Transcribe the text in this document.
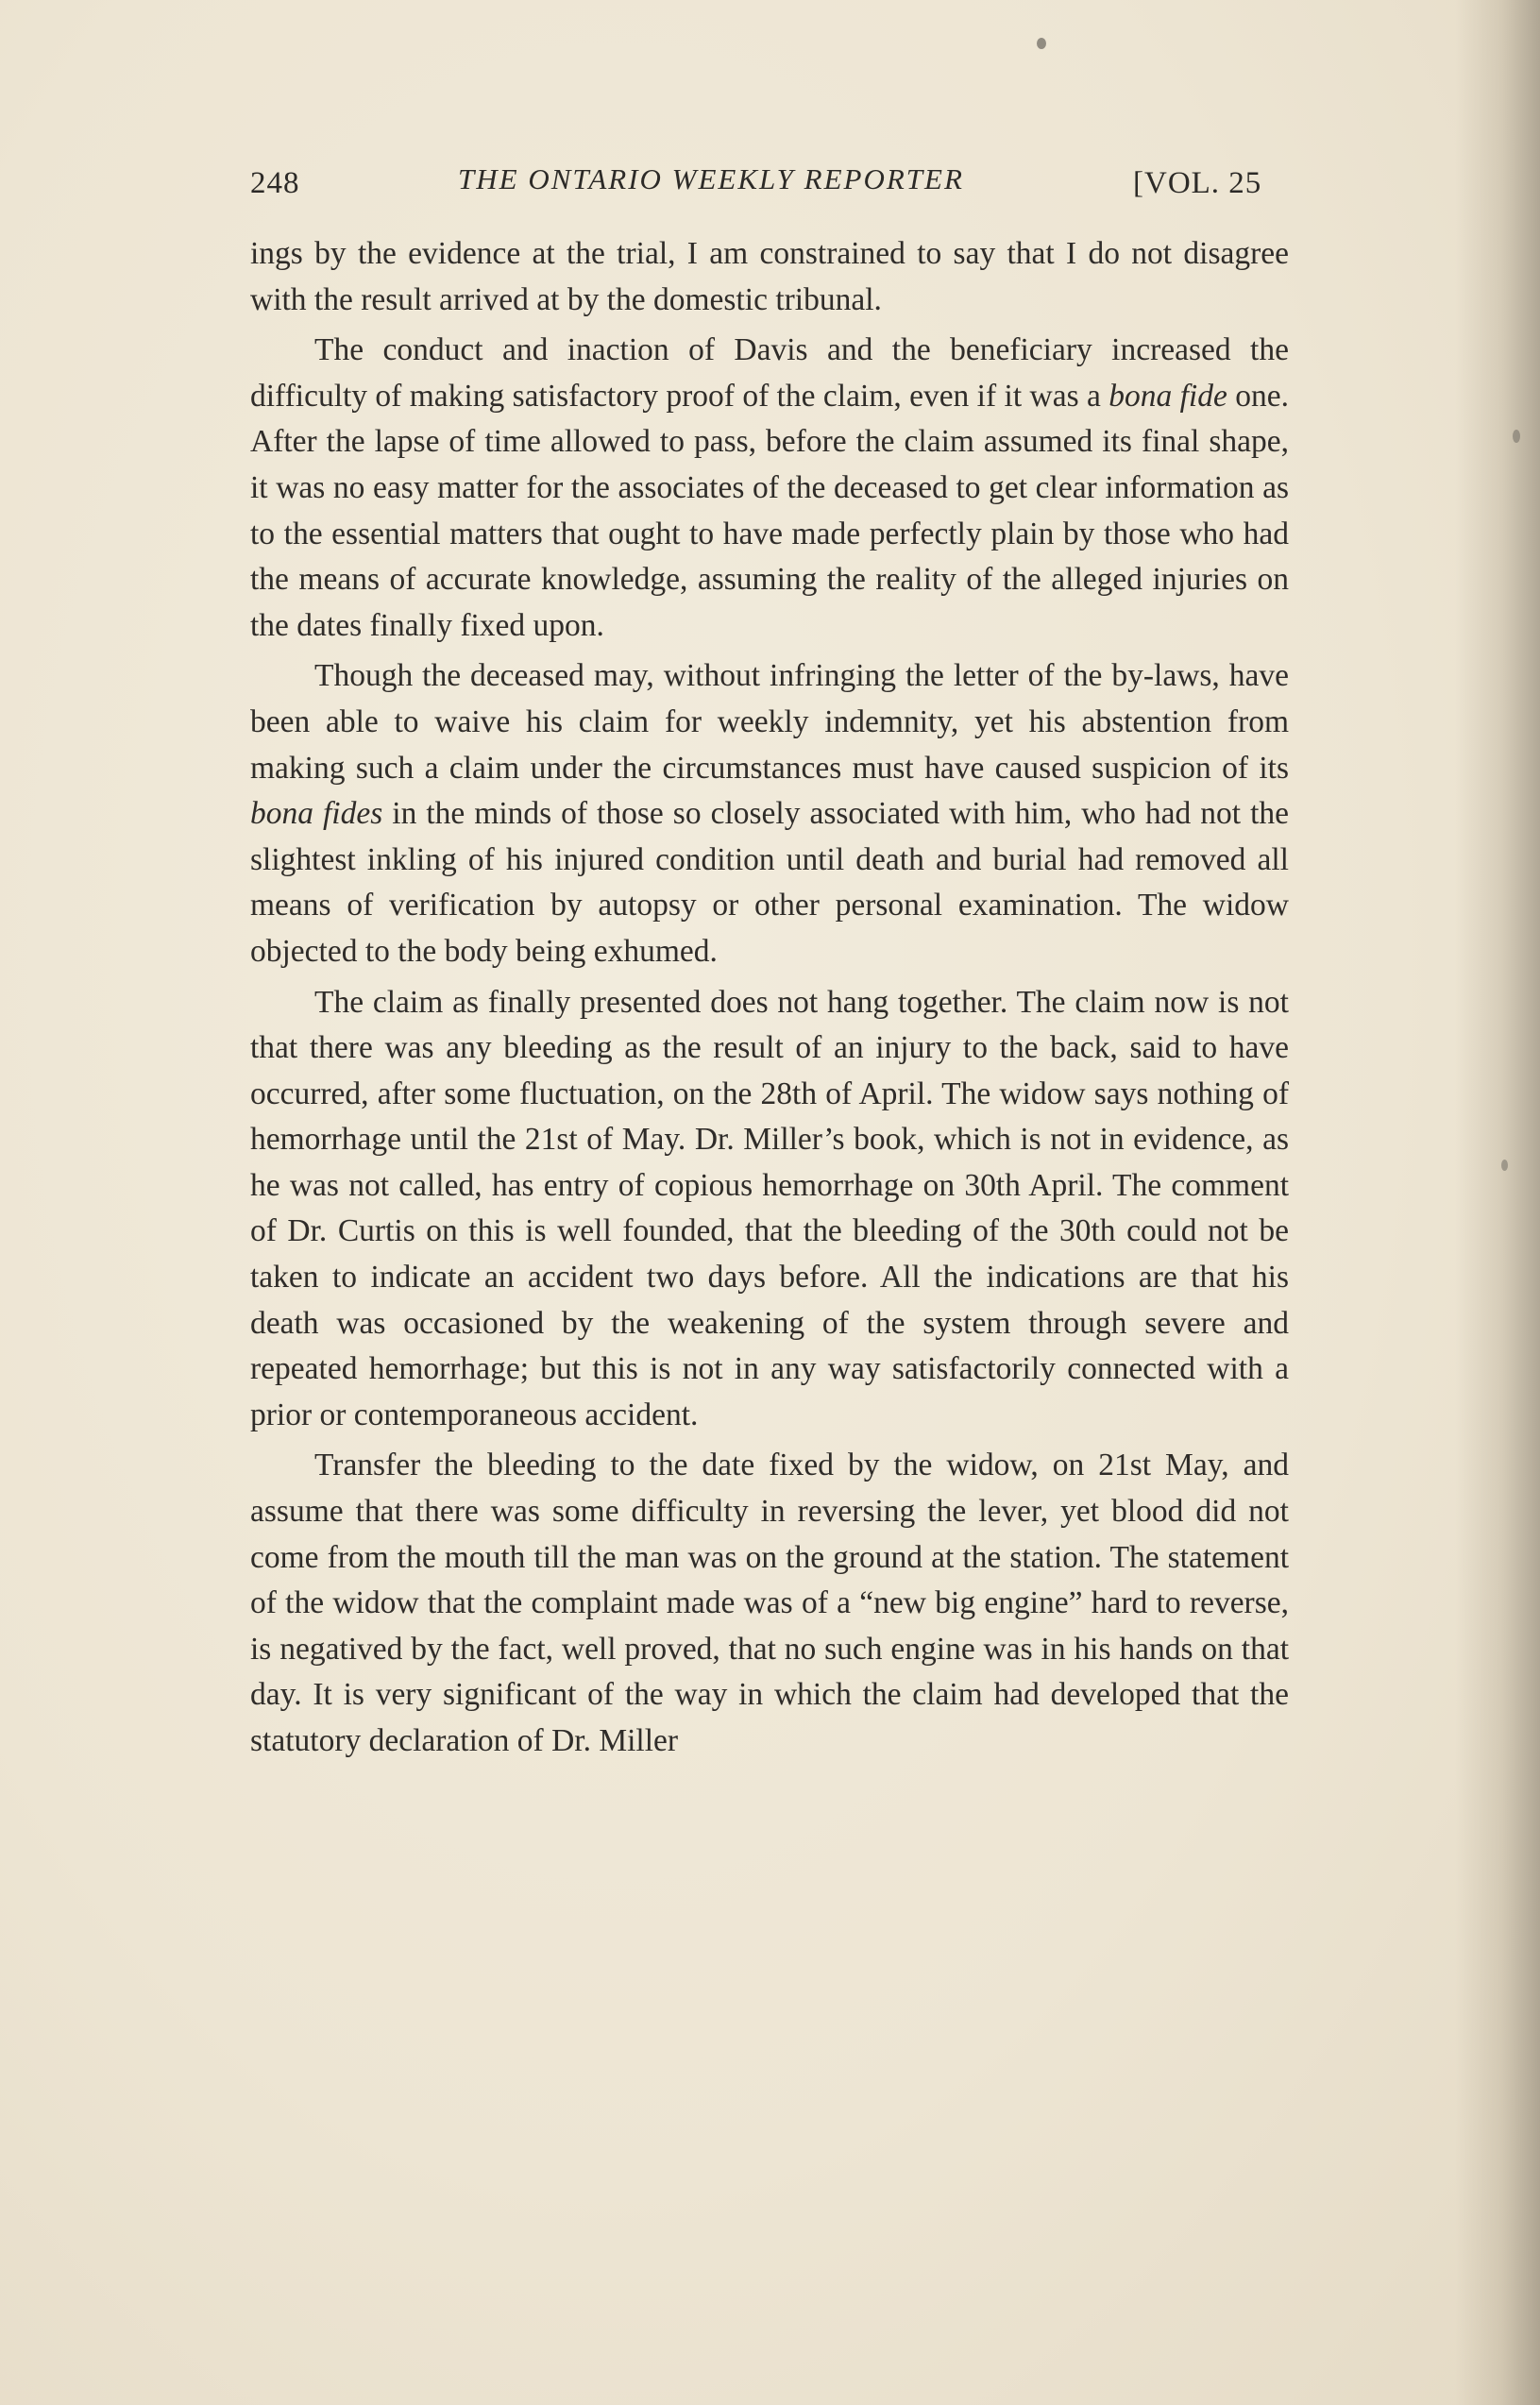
248	THE ONTARIO WEEKLY REPORTER	[VOL. 25

ings by the evidence at the trial, I am constrained to say that I do not disagree with the result arrived at by the domestic tribunal.

The conduct and inaction of Davis and the beneficiary increased the difficulty of making satisfactory proof of the claim, even if it was a bona fide one. After the lapse of time allowed to pass, before the claim assumed its final shape, it was no easy matter for the associates of the deceased to get clear information as to the essential matters that ought to have made perfectly plain by those who had the means of accurate knowledge, assuming the reality of the alleged injuries on the dates finally fixed upon.

Though the deceased may, without infringing the letter of the by-laws, have been able to waive his claim for weekly indemnity, yet his abstention from making such a claim under the circumstances must have caused suspicion of its bona fides in the minds of those so closely associated with him, who had not the slightest inkling of his injured condition until death and burial had removed all means of verification by autopsy or other personal examination. The widow objected to the body being exhumed.

The claim as finally presented does not hang together. The claim now is not that there was any bleeding as the result of an injury to the back, said to have occurred, after some fluctuation, on the 28th of April. The widow says nothing of hemorrhage until the 21st of May. Dr. Miller’s book, which is not in evidence, as he was not called, has entry of copious hemorrhage on 30th April. The comment of Dr. Curtis on this is well founded, that the bleeding of the 30th could not be taken to indicate an accident two days before. All the indications are that his death was occasioned by the weakening of the system through severe and repeated hemorrhage; but this is not in any way satisfactorily connected with a prior or contemporaneous accident.

Transfer the bleeding to the date fixed by the widow, on 21st May, and assume that there was some difficulty in reversing the lever, yet blood did not come from the mouth till the man was on the ground at the station. The statement of the widow that the complaint made was of a “new big engine” hard to reverse, is negatived by the fact, well proved, that no such engine was in his hands on that day. It is very significant of the way in which the claim had developed that the statutory declaration of Dr. Miller
